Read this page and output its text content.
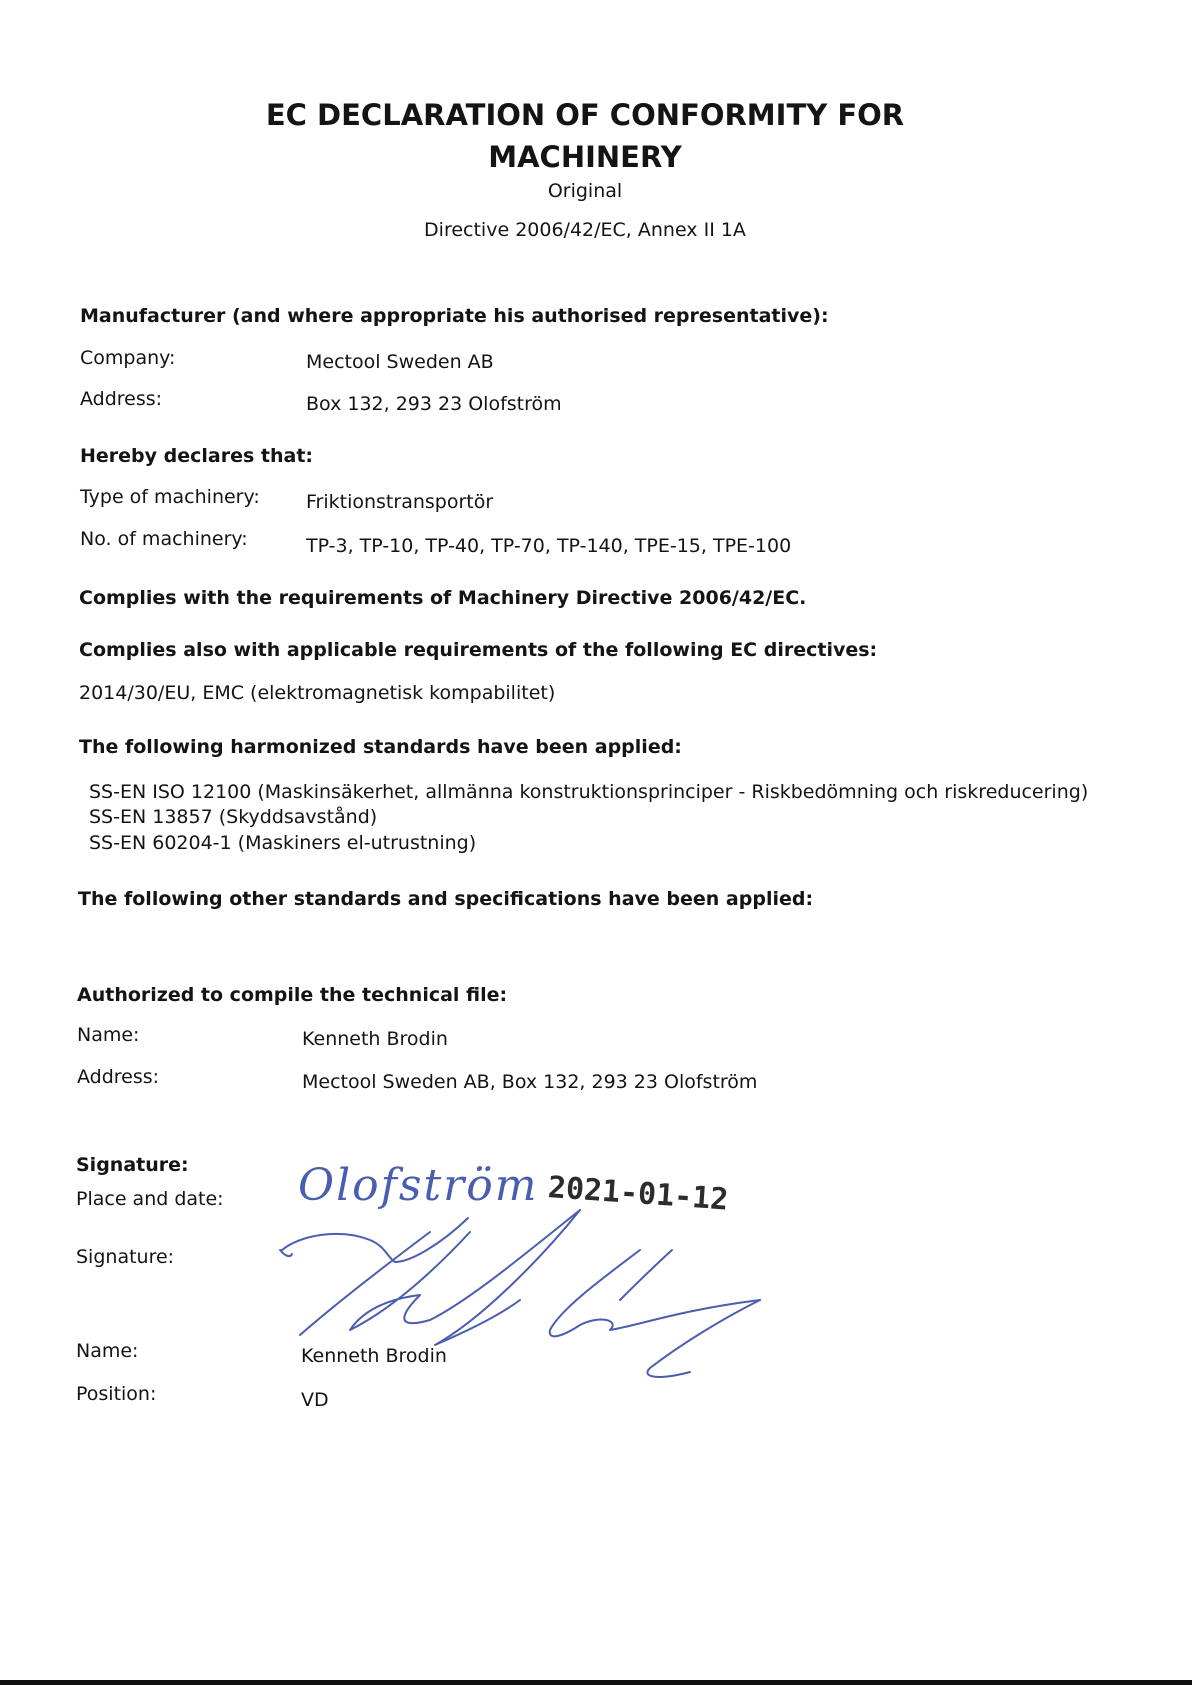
EC DECLARATION OF CONFORMITY FOR
MACHINERY
Original
Directive 2006/42/EC, Annex II 1A
Manufacturer (and where appropriate his authorised representative):
Company:	Mectool Sweden AB
Address:	Box 132, 293 23 Olofström
Hereby declares that:
Type of machinery: Friktionstransportör
No. of machinery:	TP-3, TP-10, TP-40, TP-70, TP-140, TPE-15, TPE-100
Complies with the requirements of Machinery Directive 2006/42/EC.
Complies also with applicable requirements of the following EC directives:
2014/30/EU, EMC (elektromagnetisk kompabilitet)
The following harmonized standards have been applied:
SS-EN ISO 12100 (Maskinsäkerhet, allmänna konstruktionsprinciper - Riskbedömning och riskreducering)
SS-EN 13857 (Skyddsavstånd)
SS-EN 60204-1 (Maskiners el-utrustning)
The following other standards and specifications have been applied:
Authorized to compile the technical file:
Name:	Kenneth Brodin
Address:	Mectool Sweden AB, Box 132, 293 23 Olofström
Signature:
Place and date: Olofström 2021-01-12
Signature:
Name:	Kenneth Brodin
Position:	VD
